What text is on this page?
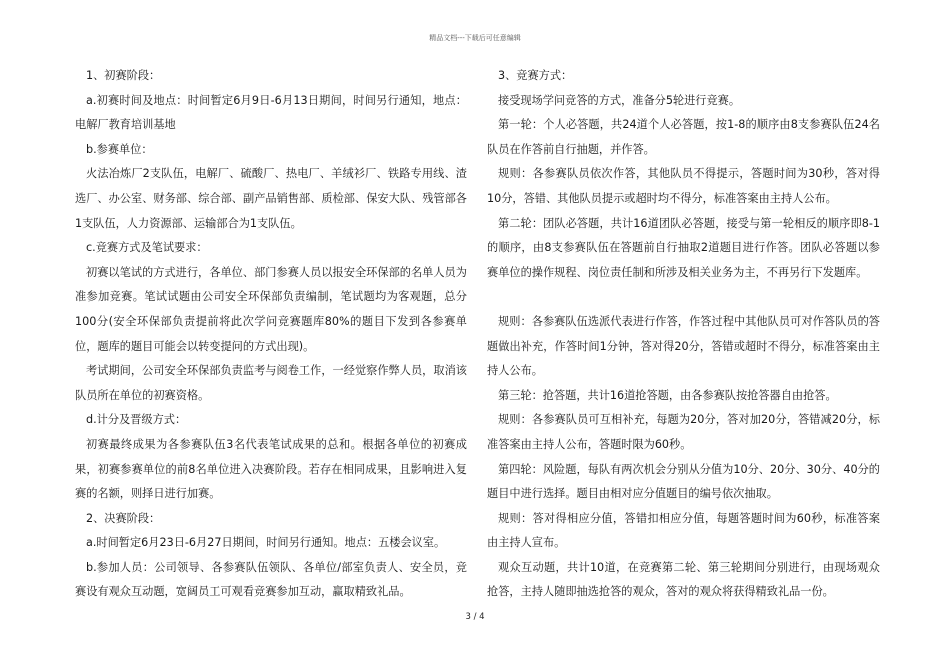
精品文档---下载后可任意编辑

1、初赛阶段：

a.初赛时间及地点：时间暂定6月9日-6月13日期间，时间另行通知，地点：电解厂教育培训基地

b.参赛单位：

火法冶炼厂2支队伍，电解厂、硫酸厂、热电厂、羊绒衫厂、铁路专用线、渣选厂、办公室、财务部、综合部、副产品销售部、质检部、保安大队、残管部各1支队伍，人力资源部、运输部合为1支队伍。

c.竞赛方式及笔试要求：

初赛以笔试的方式进行，各单位、部门参赛人员以报安全环保部的名单人员为准参加竞赛。笔试试题由公司安全环保部负责编制，笔试题均为客观题，总分 100分(安全环保部负责提前将此次学问竞赛题库80%的题目下发到各参赛单位，题库的题目可能会以转变提问的方式出现)。

考试期间，公司安全环保部负责监考与阅卷工作，一经觉察作弊人员，取消该队员所在单位的初赛资格。

d.计分及晋级方式：

初赛最终成果为各参赛队伍3名代表笔试成果的总和。根据各单位的初赛成果，初赛参赛单位的前8名单位进入决赛阶段。若存在相同成果，且影响进入复赛的名额，则择日进行加赛。

2、决赛阶段：

a.时间暂定6月23日-6月27日期间，时间另行通知。地点：五楼会议室。

b.参加人员：公司领导、各参赛队伍领队、各单位/部室负责人、安全员，竞赛设有观众互动题，宽阔员工可观看竞赛参加互动，赢取精致礼品。

3、竞赛方式：

接受现场学问竞答的方式，准备分5轮进行竞赛。

第一轮：个人必答题，共24道个人必答题，按1-8的顺序由8支参赛队伍24名队员在作答前自行抽题，并作答。

规则：各参赛队员依次作答，其他队员不得提示，答题时间为30秒，答对得10分，答错、其他队员提示或超时均不得分，标准答案由主持人公布。

第二轮：团队必答题，共计16道团队必答题，接受与第一轮相反的顺序即8-1的顺序，由8支参赛队伍在答题前自行抽取2道题目进行作答。团队必答题以参赛单位的操作规程、岗位责任制和所涉及相关业务为主，不再另行下发题库。

规则：各参赛队伍选派代表进行作答，作答过程中其他队员可对作答队员的答题做出补充，作答时间1分钟，答对得20分，答错或超时不得分，标准答案由主持人公布。

第三轮：抢答题，共计16道抢答题，由各参赛队按抢答器自由抢答。

规则：各参赛队员可互相补充，每题为20分，答对加20分，答错减20分，标准答案由主持人公布，答题时限为60秒。

第四轮：风险题，每队有两次机会分别从分值为10分、20分、30分、40分的题目中进行选择。题目由相对应分值题目的编号依次抽取。

规则：答对得相应分值，答错扣相应分值，每题答题时间为60秒，标准答案由主持人宣布。

观众互动题，共计10道，在竞赛第二轮、第三轮期间分别进行，由现场观众抢答，主持人随即抽选抢答的观众，答对的观众将获得精致礼品一份。

3 / 4
